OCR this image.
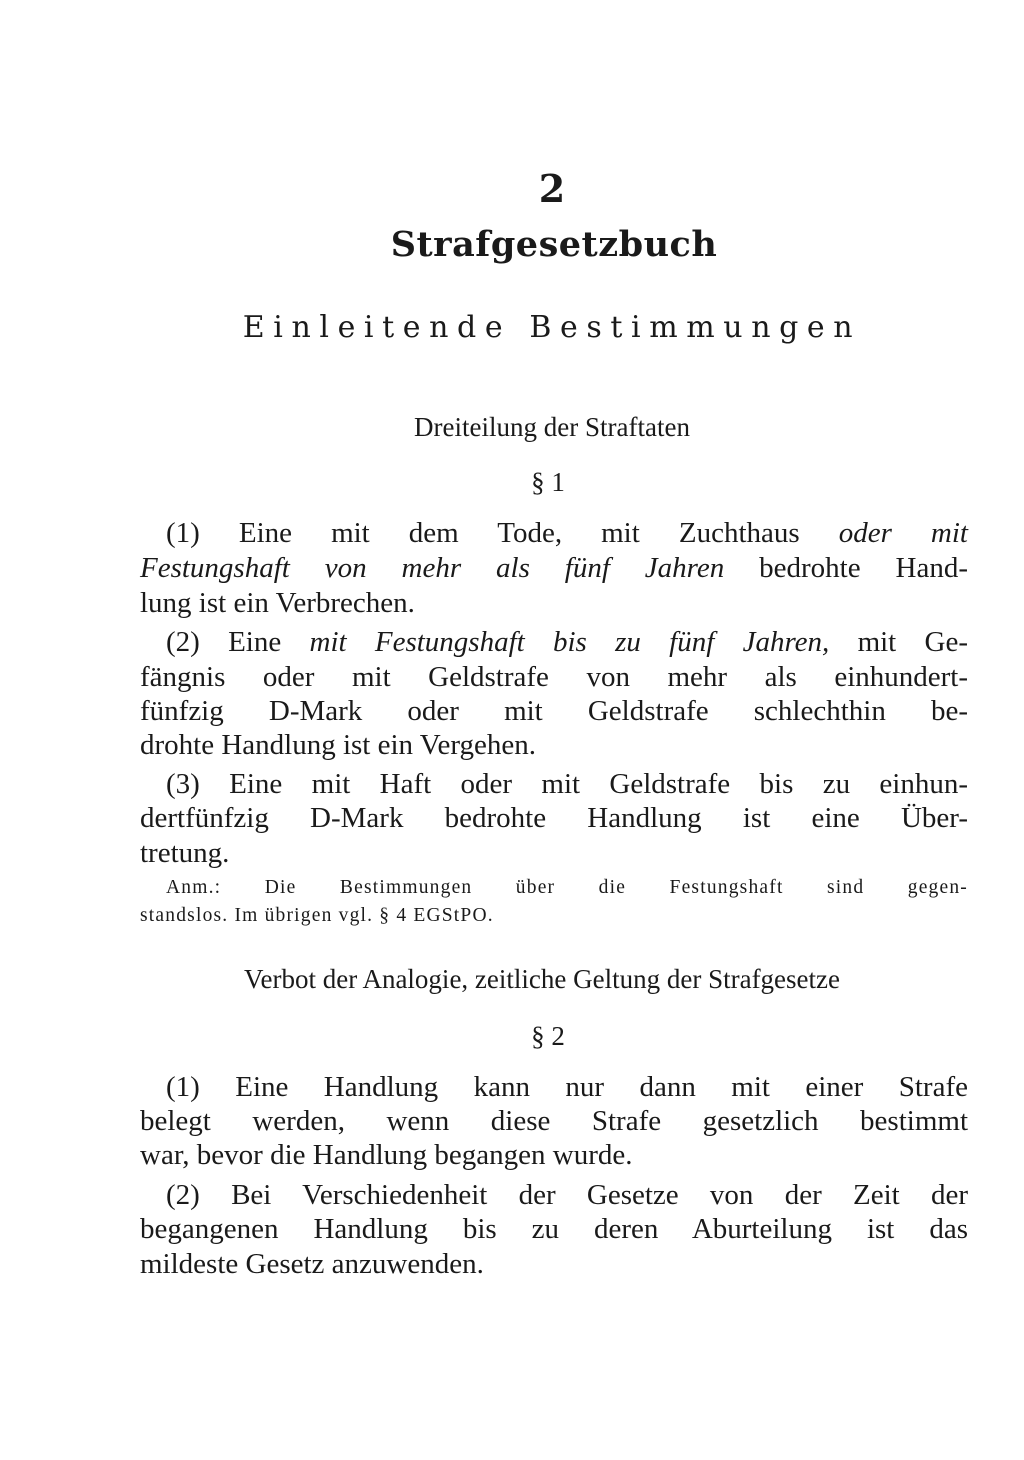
2
Strafgesetzbuch
Einleitende Bestimmungen
Dreiteilung der Straftaten
§ 1
(1) Eine mit dem Tode, mit Zuchthaus oder mit
Festungshaft von mehr als fünf Jahren bedrohte Hand-
lung ist ein Verbrechen.
(2) Eine mit Festungshaft bis zu fünf Jahren, mit Ge-
fängnis oder mit Geldstrafe von mehr als einhundert-
fünfzig D-Mark oder mit Geldstrafe schlechthin be-
drohte Handlung ist ein Vergehen.
(3) Eine mit Haft oder mit Geldstrafe bis zu einhun-
dertfünfzig D-Mark bedrohte Handlung ist eine Über-
tretung.
Anm.: Die Bestimmungen über die Festungshaft sind gegen-
standslos. Im übrigen vgl. § 4 EGStPO.
Verbot der Analogie, zeitliche Geltung der Strafgesetze
§ 2
(1) Eine Handlung kann nur dann mit einer Strafe
belegt werden, wenn diese Strafe gesetzlich bestimmt
war, bevor die Handlung begangen wurde.
(2) Bei Verschiedenheit der Gesetze von der Zeit der
begangenen Handlung bis zu deren Aburteilung ist das
mildeste Gesetz anzuwenden.
